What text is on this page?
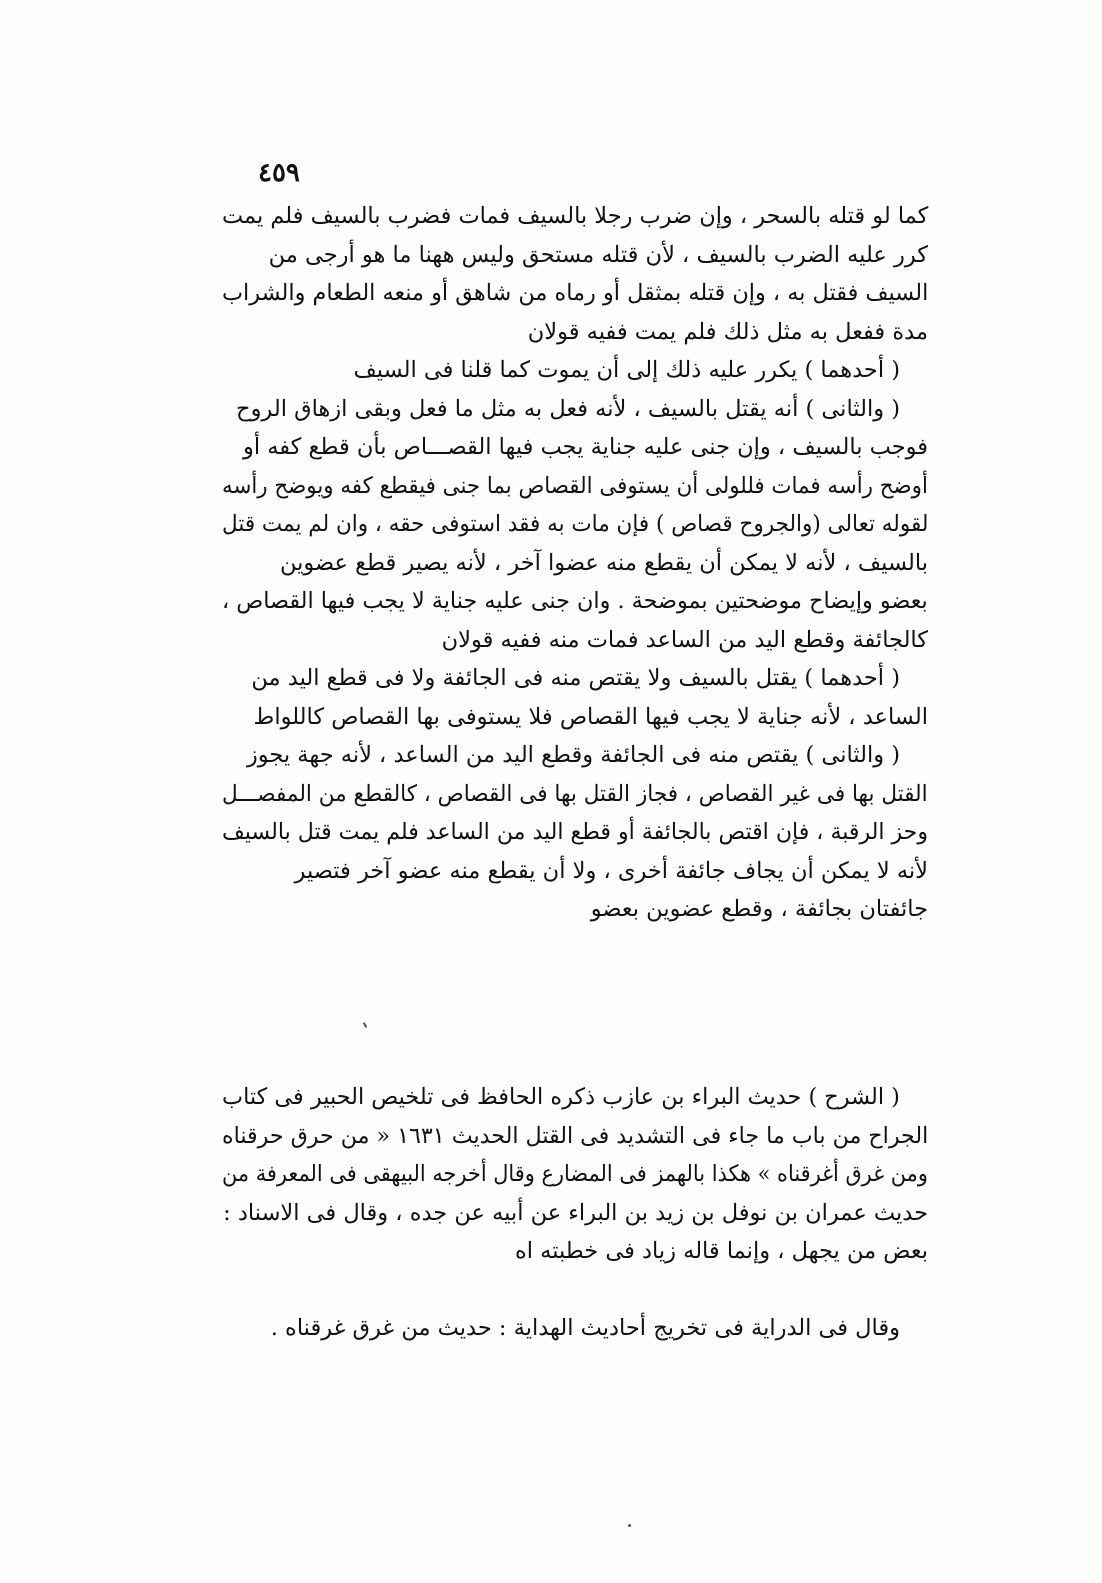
٤٥٩
كما لو قتله بالسحر ، وإن ضرب رجلا بالسيف فمات فضرب بالسيف فلم يمت
كرر عليه الضرب بالسيف ، لأن قتله مستحق وليس ههنا ما هو أرجى من
السيف فقتل به ، وإن قتله بمثقل أو رماه من شاهق أو منعه الطعام والشراب
مدة ففعل به مثل ذلك فلم يمت ففيه قولان
( أحدهما ) يكرر عليه ذلك إلى أن يموت كما قلنا فى السيف
( والثانى ) أنه يقتل بالسيف ، لأنه فعل به مثل ما فعل وبقى ازهاق الروح
فوجب بالسيف ، وإن جنى عليه جناية يجب فيها القصـــاص بأن قطع كفه أو
أوضح رأسه فمات فللولى أن يستوفى القصاص بما جنى فيقطع كفه ويوضح رأسه
لقوله تعالى (والجروح قصاص ) فإن مات به فقد استوفى حقه ، وان لم يمت قتل
بالسيف ، لأنه لا يمكن أن يقطع منه عضوا آخر ، لأنه يصير قطع عضوين
بعضو وإيضاح موضحتين بموضحة . وان جنى عليه جناية لا يجب فيها القصاص ،
كالجائفة وقطع اليد من الساعد فمات منه ففيه قولان
( أحدهما ) يقتل بالسيف ولا يقتص منه فى الجائفة ولا فى قطع اليد من
الساعد ، لأنه جناية لا يجب فيها القصاص فلا يستوفى بها القصاص كاللواط
( والثانى ) يقتص منه فى الجائفة وقطع اليد من الساعد ، لأنه جهة يجوز
القتل بها فى غير القصاص ، فجاز القتل بها فى القصاص ، كالقطع من المفصـــل
وحز الرقبة ، فإن اقتص بالجائفة أو قطع اليد من الساعد فلم يمت قتل بالسيف
لأنه لا يمكن أن يجاف جائفة أخرى ، ولا أن يقطع منه عضو آخر فتصير
جائفتان بجائفة ، وقطع عضوين بعضو
( الشرح ) حديث البراء بن عازب ذكره الحافظ فى تلخيص الحبير فى كتاب
الجراح من باب ما جاء فى التشديد فى القتل الحديث ١٦٣١ « من حرق حرقناه
ومن غرق أغرقناه » هكذا بالهمز فى المضارع وقال أخرجه البيهقى فى المعرفة من
حديث عمران بن نوفل بن زيد بن البراء عن أبيه عن جده ، وقال فى الاسناد :
بعض من يجهل ، وإنما قاله زياد فى خطبته اه
وقال فى الدراية فى تخريج أحاديث الهداية : حديث من غرق غرقناه .
